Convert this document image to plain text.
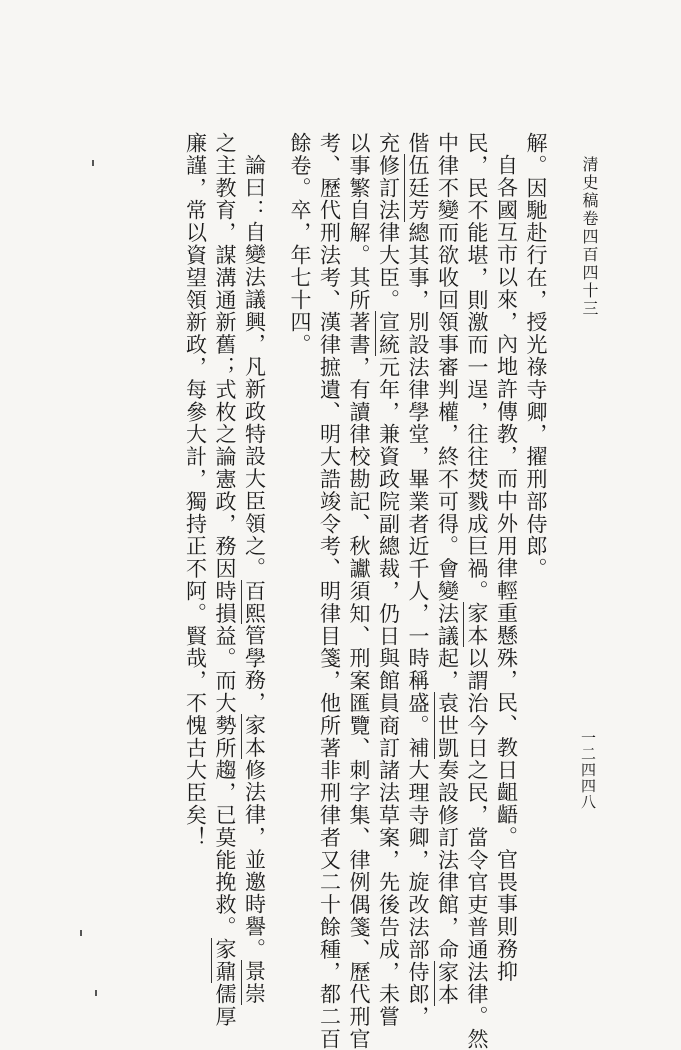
清史稿卷四百四十三
一二四四八
解。因馳赴行在，授光祿寺卿，擢刑部侍郎。
自各國互市以來，內地許傳教，而中外用律輕重懸殊，民、教日齟齬。官畏事則務抑
民，民不能堪，則激而一逞，往往焚戮成巨禍。家本以謂治今日之民，當令官吏普通法律。然
中律不變而欲收回領事審判權，終不可得。會變法議起，袁世凱奏設修訂法律館，命家本
偕伍廷芳總其事，別設法律學堂，畢業者近千人，一時稱盛。補大理寺卿，旋改法部侍郎，
充修訂法律大臣。宣統元年，兼資政院副總裁，仍日與館員商訂諸法草案，先後告成，未嘗
以事繁自解。其所著書，有讀律校勘記、秋讞須知、刑案匯覽、刺字集、律例偶箋、歷代刑官
考、歷代刑法考、漢律摭遺、明大誥竣令考、明律目箋，他所著非刑律者又二十餘種，都二百
餘卷。卒，年七十四。
論曰：自變法議興，凡新政特設大臣領之。百熙管學務，家本修法律，並邀時譽。景崇
之主教育，謀溝通新舊；式枚之論憲政，務因時損益。而大勢所趨，已莫能挽救。家鼐儒厚
廉謹，常以資望領新政，每參大計，獨持正不阿。賢哉，不愧古大臣矣！
